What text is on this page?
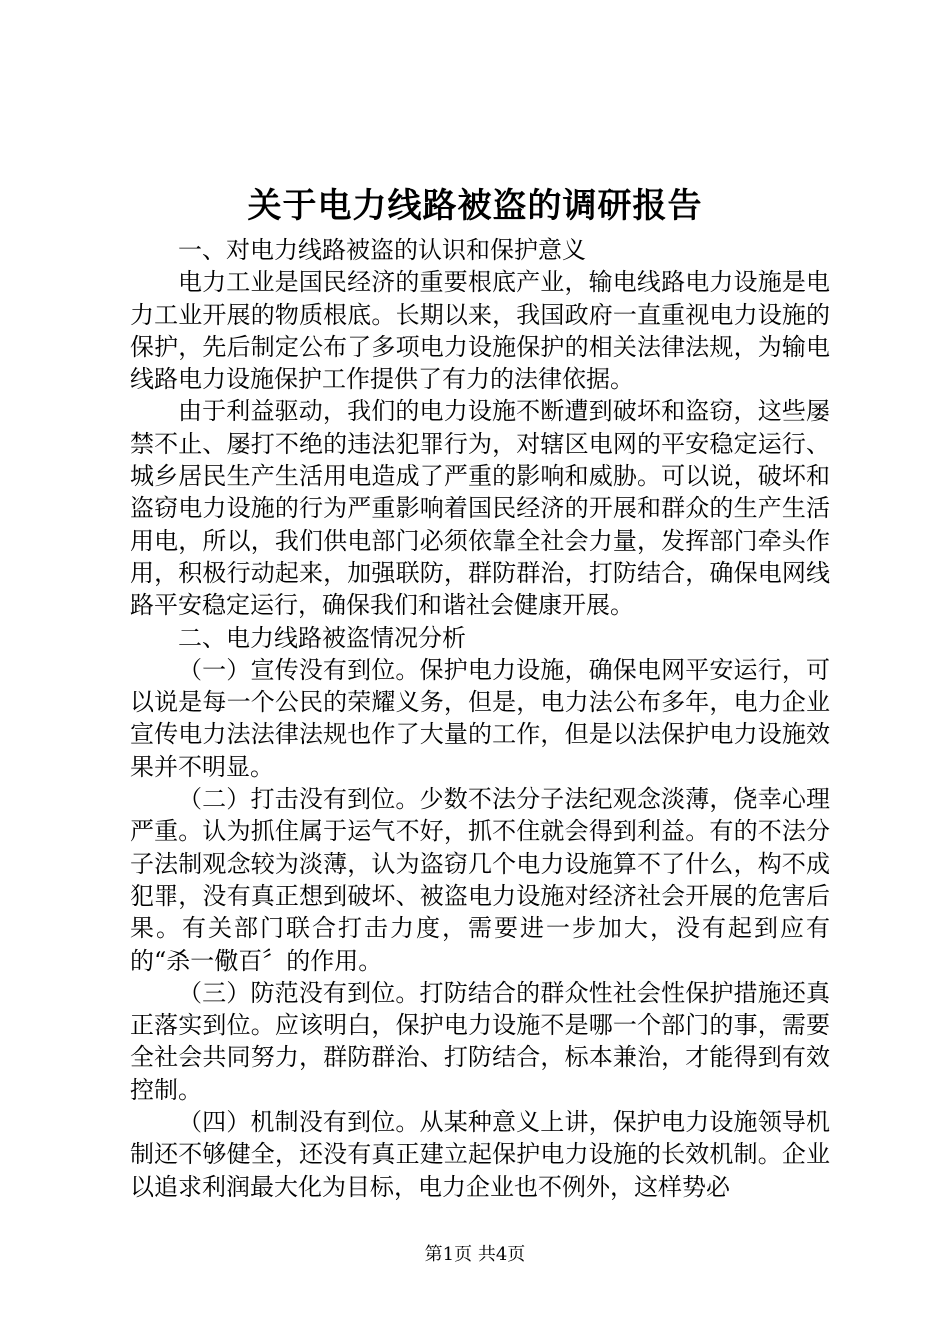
关于电力线路被盗的调研报告

一、对电力线路被盗的认识和保护意义

电力工业是国民经济的重要根底产业，输电线路电力设施是电力工业开展的物质根底。长期以来，我国政府一直重视电力设施的保护，先后制定公布了多项电力设施保护的相关法律法规，为输电线路电力设施保护工作提供了有力的法律依据。

由于利益驱动，我们的电力设施不断遭到破坏和盗窃，这些屡禁不止、屡打不绝的违法犯罪行为，对辖区电网的平安稳定运行、城乡居民生产生活用电造成了严重的影响和威胁。可以说，破坏和盗窃电力设施的行为严重影响着国民经济的开展和群众的生产生活用电，所以，我们供电部门必须依靠全社会力量，发挥部门牵头作用，积极行动起来，加强联防，群防群治，打防结合，确保电网线路平安稳定运行，确保我们和谐社会健康开展。

二、电力线路被盗情况分析

（一）宣传没有到位。保护电力设施，确保电网平安运行，可以说是每一个公民的荣耀义务，但是，电力法公布多年，电力企业宣传电力法法律法规也作了大量的工作，但是以法保护电力设施效果并不明显。

（二）打击没有到位。少数不法分子法纪观念淡薄，侥幸心理严重。认为抓住属于运气不好，抓不住就会得到利益。有的不法分子法制观念较为淡薄，认为盗窃几个电力设施算不了什么，构不成犯罪，没有真正想到破坏、被盗电力设施对经济社会开展的危害后果。有关部门联合打击力度，需要进一步加大，没有起到应有的“杀一儆百〞的作用。

（三）防范没有到位。打防结合的群众性社会性保护措施还真正落实到位。应该明白，保护电力设施不是哪一个部门的事，需要全社会共同努力，群防群治、打防结合，标本兼治，才能得到有效控制。

（四）机制没有到位。从某种意义上讲，保护电力设施领导机制还不够健全，还没有真正建立起保护电力设施的长效机制。企业以追求利润最大化为目标，电力企业也不例外，这样势必

第1页 共4页
